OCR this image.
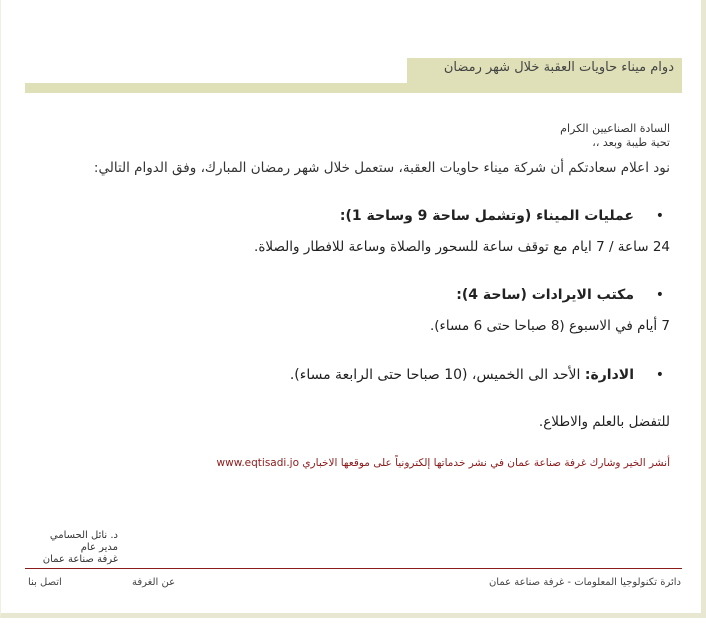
دوام ميناء حاويات العقبة خلال شهر رمضان
السادة الصناعيين الكرام
تحية طيبة وبعد ،،
نود اعلام سعادتكم أن شركة ميناء حاويات العقبة، ستعمل خلال شهر رمضان المبارك، وفق الدوام التالي:
•
عمليات الميناء (وتشمل ساحة 9 وساحة 1):
24 ساعة / 7 ايام مع توقف ساعة للسحور والصلاة وساعة للافطار والصلاة.
•
مكتب الايرادات (ساحة 4):
7 أيام في الاسبوع (8 صباحا حتى 6 مساء).
•
الادارة: الأحد الى الخميس، (10 صباحا حتى الرابعة مساء).
للتفضل بالعلم والاطلاع.
أنشر الخير وشارك غرفة صناعة عمان في نشر خدماتها إلكترونياً على موقعها الاخباري www.eqtisadi.jo
د. نائل الحسامي
مدير عام
غرفة صناعة عمان
دائرة تكنولوجيا المعلومات - غرفة صناعة عمان
عن الغرفة
اتصل بنا
